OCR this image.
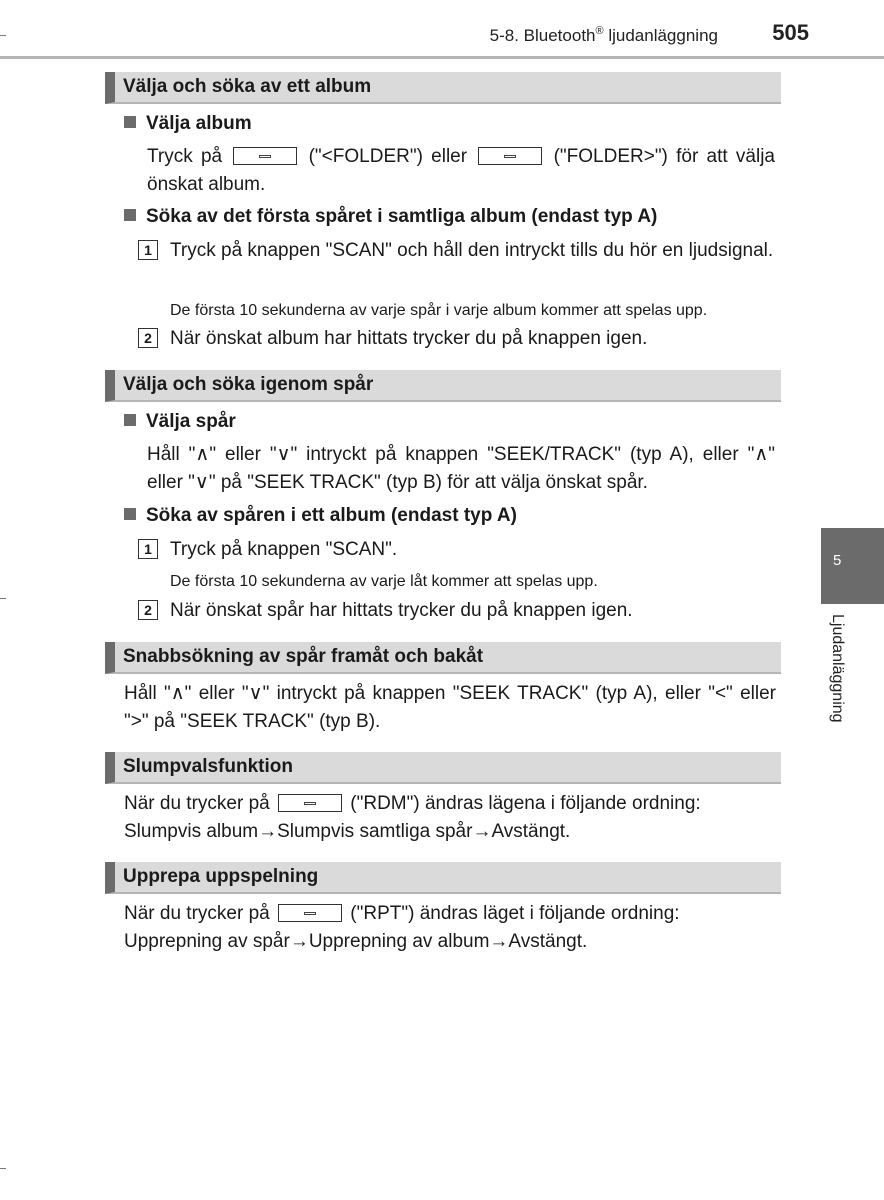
5-8. Bluetooth® ljudanläggning 505
5
Ljudanläggning
Välja och söka av ett album
Välja album
Tryck på	("<FOLDER") eller	("FOLDER>") för att välja önskat album.
Söka av det första spåret i samtliga album (endast typ A)
1 Tryck på knappen "SCAN" och håll den intryckt tills du hör en ljudsignal.
De första 10 sekunderna av varje spår i varje album kommer att spelas upp.
2 När önskat album har hittats trycker du på knappen igen.
Välja och söka igenom spår
Välja spår
Håll "∧" eller "∨" intryckt på knappen "SEEK/TRACK" (typ A), eller "∧" eller "∨" på "SEEK TRACK" (typ B) för att välja önskat spår.
Söka av spåren i ett album (endast typ A)
1 Tryck på knappen "SCAN".
De första 10 sekunderna av varje låt kommer att spelas upp.
2 När önskat spår har hittats trycker du på knappen igen.
Snabbsökning av spår framåt och bakåt
Håll "∧" eller "∨" intryckt på knappen "SEEK TRACK" (typ A), eller "<" eller ">" på "SEEK TRACK" (typ B).
Slumpvalsfunktion
När du trycker på	("RDM") ändras lägena i följande ordning: Slumpvis album→Slumpvis samtliga spår→Avstängt.
Upprepa uppspelning
När du trycker på	("RPT") ändras läget i följande ordning: Upprepning av spår→Upprepning av album→Avstängt.
